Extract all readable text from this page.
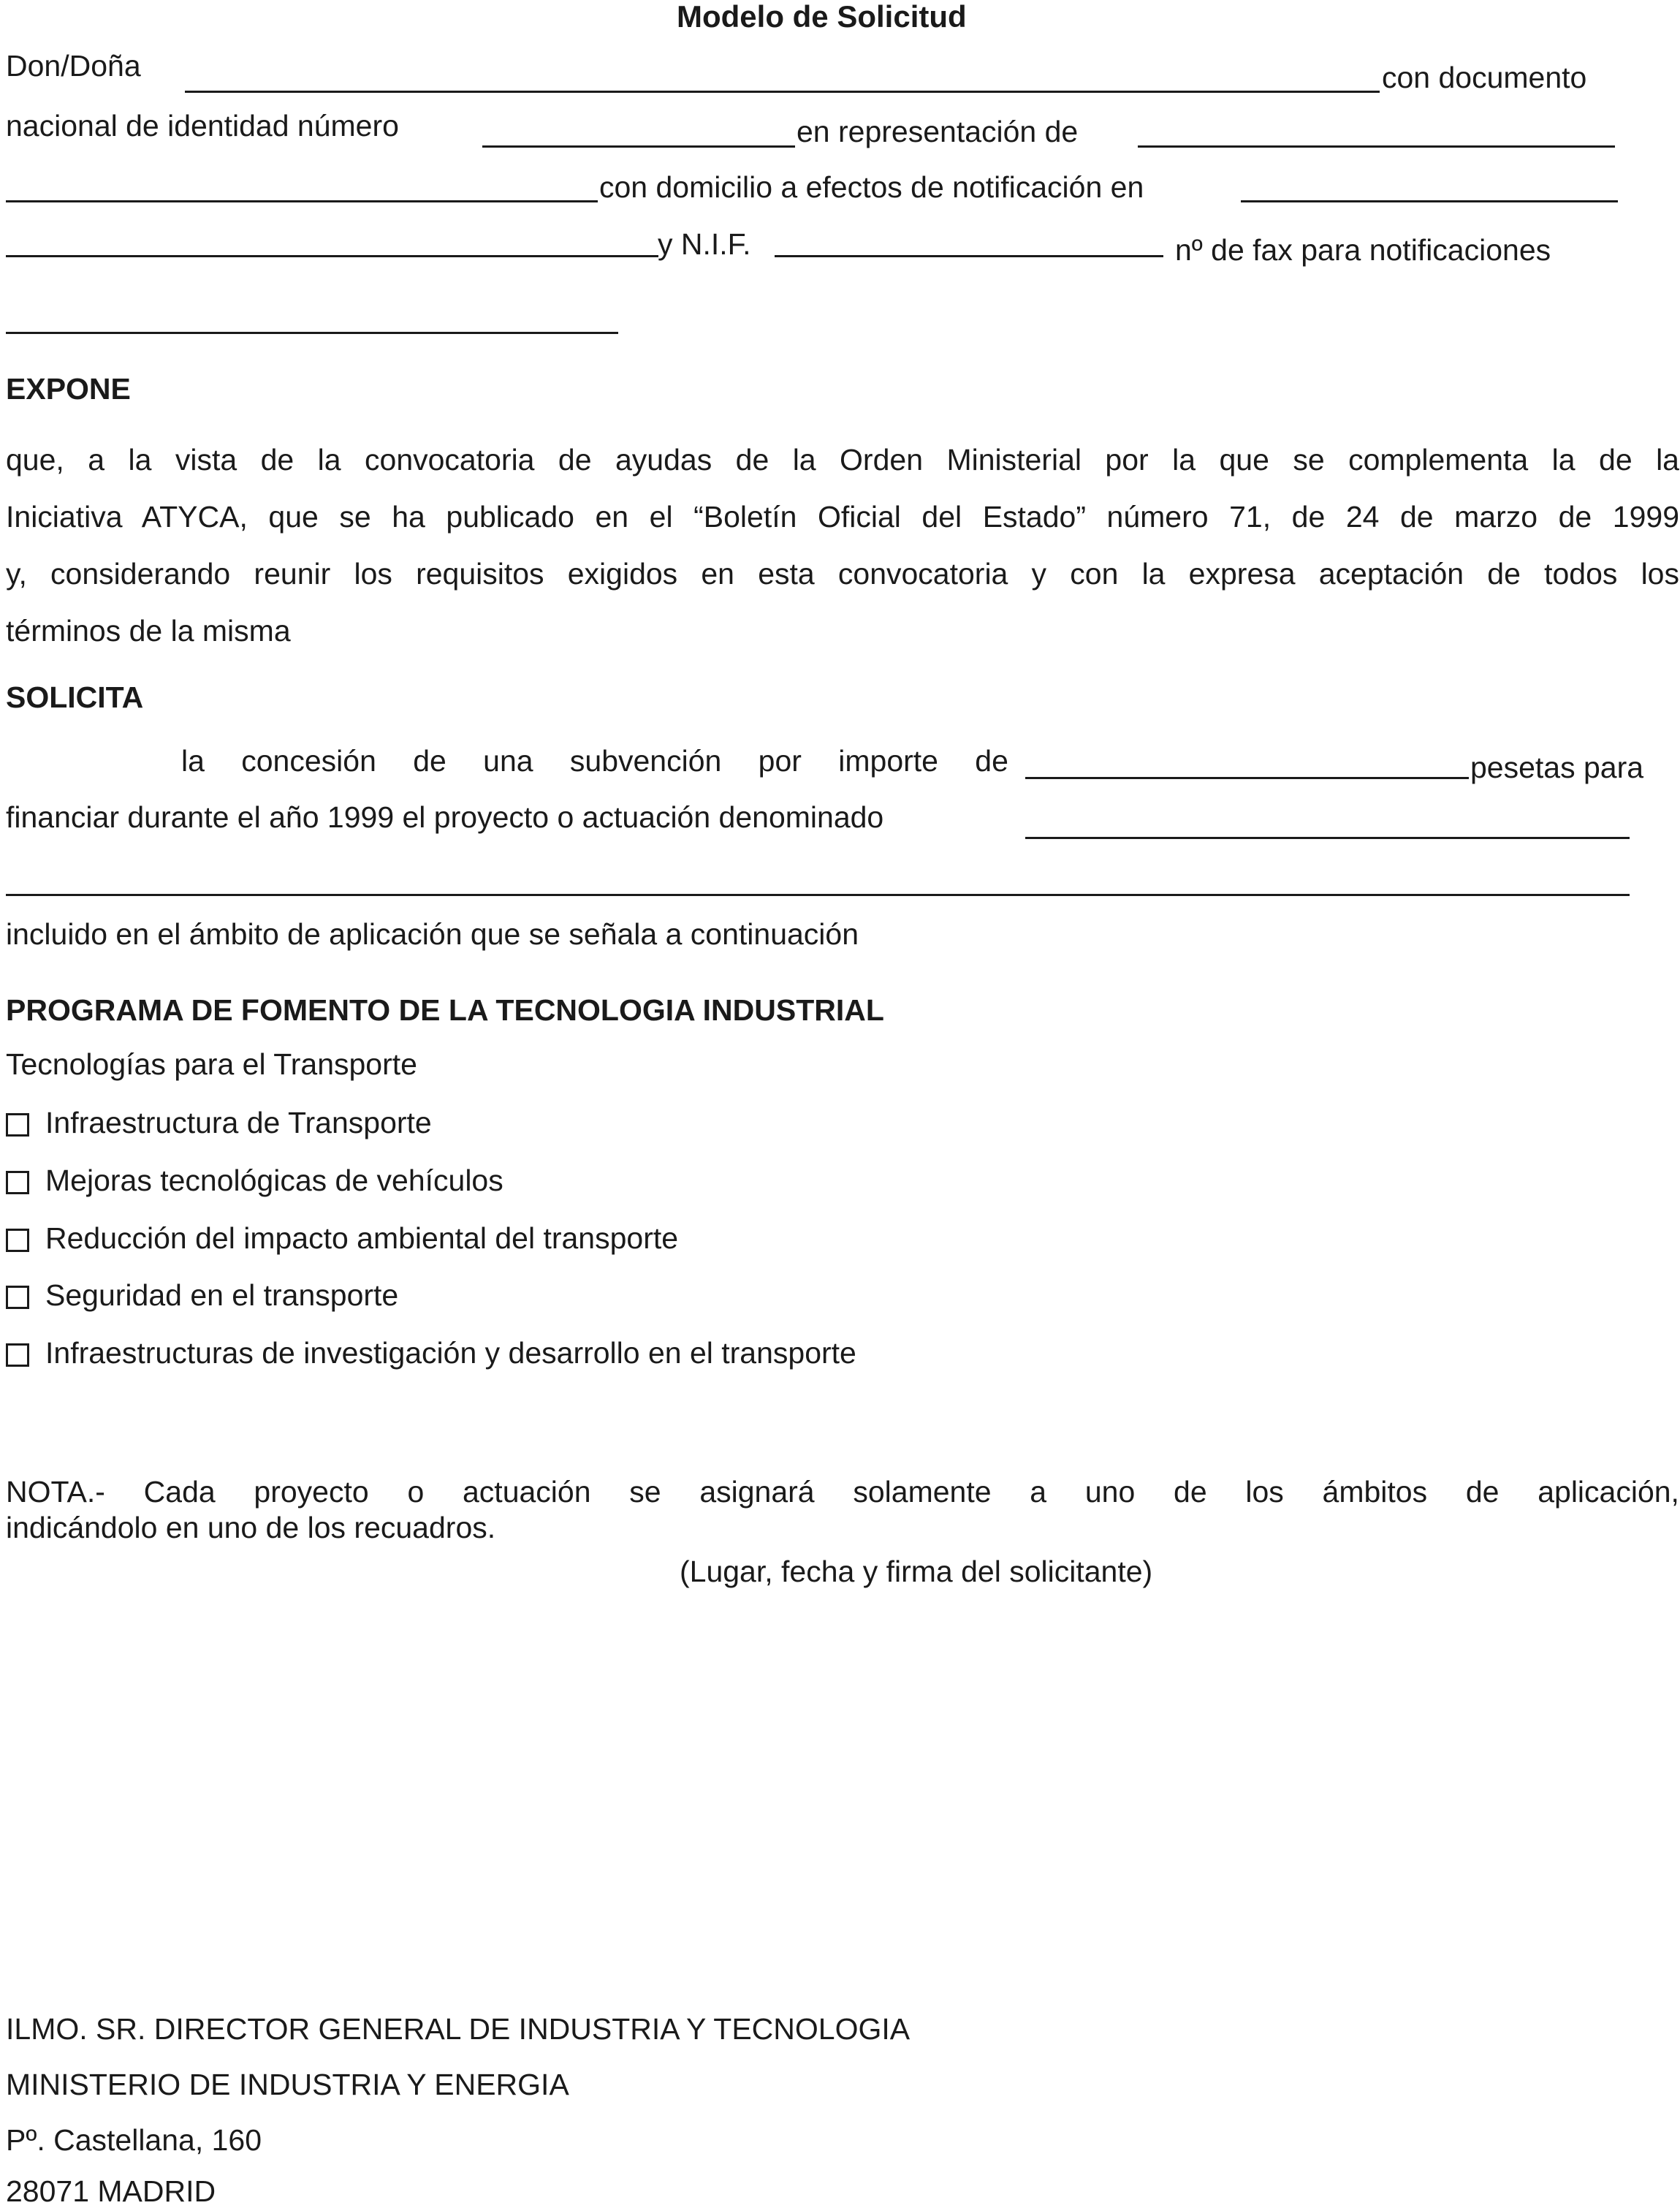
Modelo de Solicitud
Don/Doña	con documento
nacional de identidad número	en representación de
con domicilio a efectos de notificación en
y N.I.F.	nº de fax para notificaciones
EXPONE
que, a la vista de la convocatoria de ayudas de la Orden Ministerial por la que se complementa la de la
Iniciativa ATYCA, que se ha publicado en el “Boletín Oficial del Estado” número 71, de 24 de marzo de 1999
y, considerando reunir los requisitos exigidos en esta convocatoria y con la expresa aceptación de todos los
términos de la misma
SOLICITA
la concesión de una subvención por importe de	pesetas para
financiar durante el año 1999 el proyecto o actuación denominado
incluido en el ámbito de aplicación que se señala a continuación
PROGRAMA DE FOMENTO DE LA TECNOLOGIA INDUSTRIAL
Tecnologías para el Transporte
Infraestructura de Transporte
Mejoras tecnológicas de vehículos
Reducción del impacto ambiental del transporte
Seguridad en el transporte
Infraestructuras de investigación y desarrollo en el transporte
NOTA.- Cada proyecto o actuación se asignará solamente a uno de los ámbitos de aplicación,
indicándolo en uno de los recuadros.
(Lugar, fecha y firma del solicitante)
ILMO. SR. DIRECTOR GENERAL DE INDUSTRIA Y TECNOLOGIA
MINISTERIO DE INDUSTRIA Y ENERGIA
Pº. Castellana, 160
28071 MADRID
